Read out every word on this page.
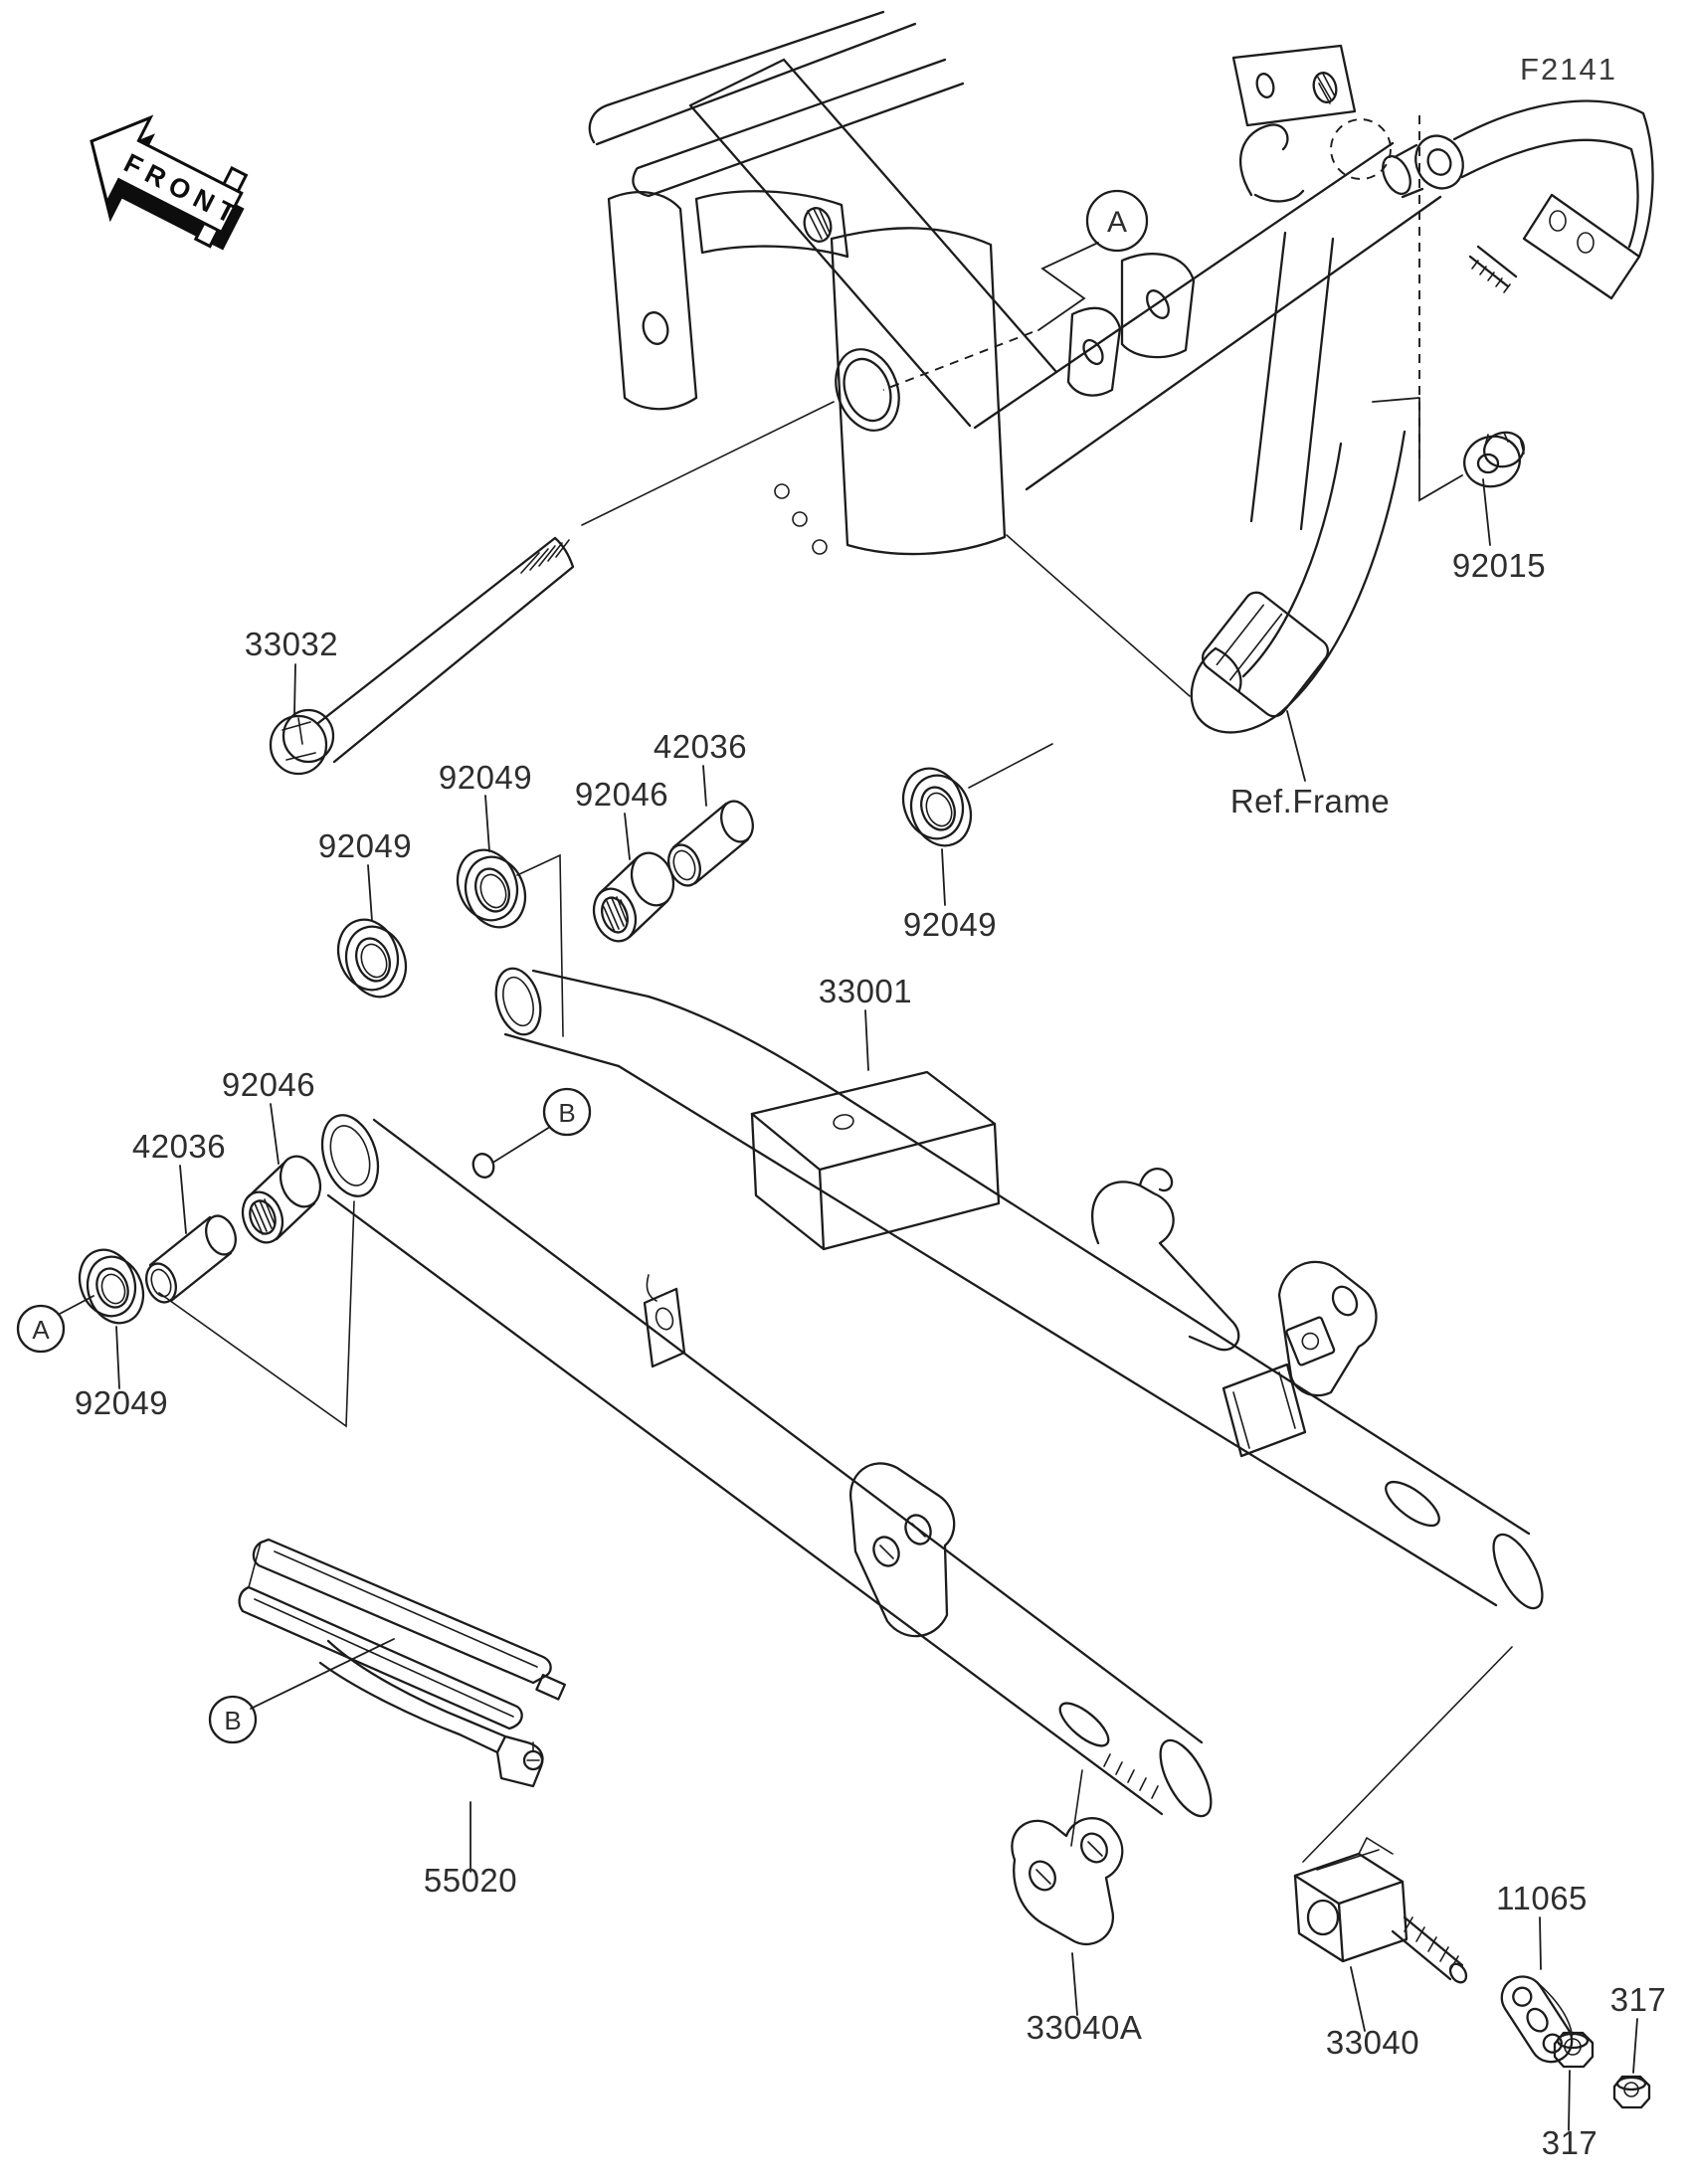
FRONT
F2141
A
A
B
B
33032
92049
92049
92046
42036
92049
33001
92015
Ref.Frame
92046
42036
92049
55020
33040A	33040
11065
317
317
